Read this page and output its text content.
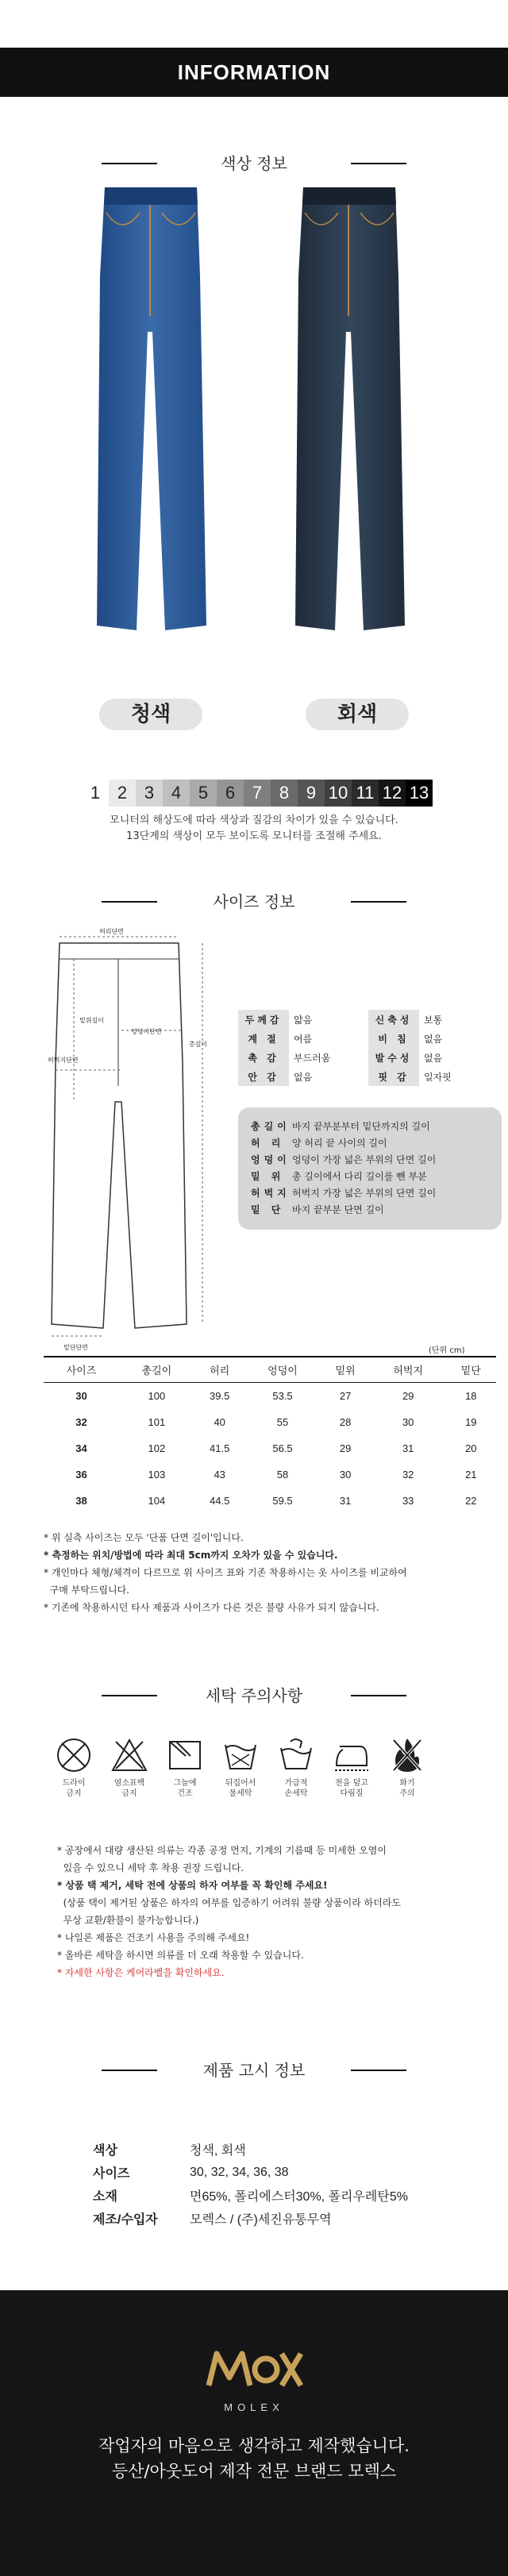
INFORMATION
색상 정보
청색	회색
1 2 3 4 5 6 7 8 9 10 11 12 13
모니터의 해상도에 따라 색상과 질감의 차이가 있을 수 있습니다.
13단계의 색상이 모두 보이도록 모니터를 조절해 주세요.
사이즈 정보
허리단면
엉덩이단면
밑위길이
총길이
허벅지단면
밑단단면
두께감	얇음	신축성	보통
계 절	여름	비 침	없음
촉 감	부드러움	발수성	없음
안 감	없음	핏 감	일자핏
총길이 바지 끝부분부터 밑단까지의 길이
허 리 양 허리 끝 사이의 길이
엉덩이 엉덩이 가장 넓은 부위의 단면 길이
밑 위 총 길이에서 다리 길이를 뺀 부분
허벅지 허벅지 가장 넓은 부위의 단면 길이
밑 단 바지 끝부분 단면 길이
(단위 cm)
사이즈	총길이	허리	엉덩이	밑위	허벅지	밑단
30	100	39.5	53.5	27	29	18
32	101	40	55	28	30	19
34	102	41.5	56.5	29	31	20
36	103	43	58	30	32	21
38	104	44.5	59.5	31	33	22
* 위 실측 사이즈는 모두 '단품 단면 길이'입니다.
* 측정하는 위치/방법에 따라 최대 5cm까지 오차가 있을 수 있습니다.
* 개인마다 체형/체격이 다르므로 위 사이즈 표와 기존 착용하시는 옷 사이즈를 비교하여
구매 부탁드립니다.
* 기존에 착용하시던 타사 제품과 사이즈가 다른 것은 불량 사유가 되지 않습니다.
세탁 주의사항
드라이
금지
염소표백
금지
그늘에
건조
뒤집어서
물세탁
가급적
손세탁
천을 덮고
다림질
화기
주의
* 공장에서 대량 생산된 의류는 각종 공정 먼지, 기계의 기름때 등 미세한 오염이
있을 수 있으니 세탁 후 착용 권장 드립니다.
* 상품 택 제거, 세탁 전에 상품의 하자 여부를 꼭 확인해 주세요!
(상품 택이 제거된 상품은 하자의 여부를 입증하기 어려워 불량 상품이라 하더라도
무상 교환/환불이 불가능합니다.)
* 나일론 제품은 건조기 사용을 주의해 주세요!
* 올바른 세탁을 하시면 의류를 더 오래 착용할 수 있습니다.
* 자세한 사항은 케어라벨을 확인하세요.
제품 고시 정보
색상	청색, 회색
사이즈	30, 32, 34, 36, 38
소재	면65%, 폴리에스터30%, 폴리우레탄5%
제조/수입자	모렉스 / (주)세진유통무역
MOLEX
작업자의 마음으로 생각하고 제작했습니다.
등산/아웃도어 제작 전문 브랜드 모렉스
